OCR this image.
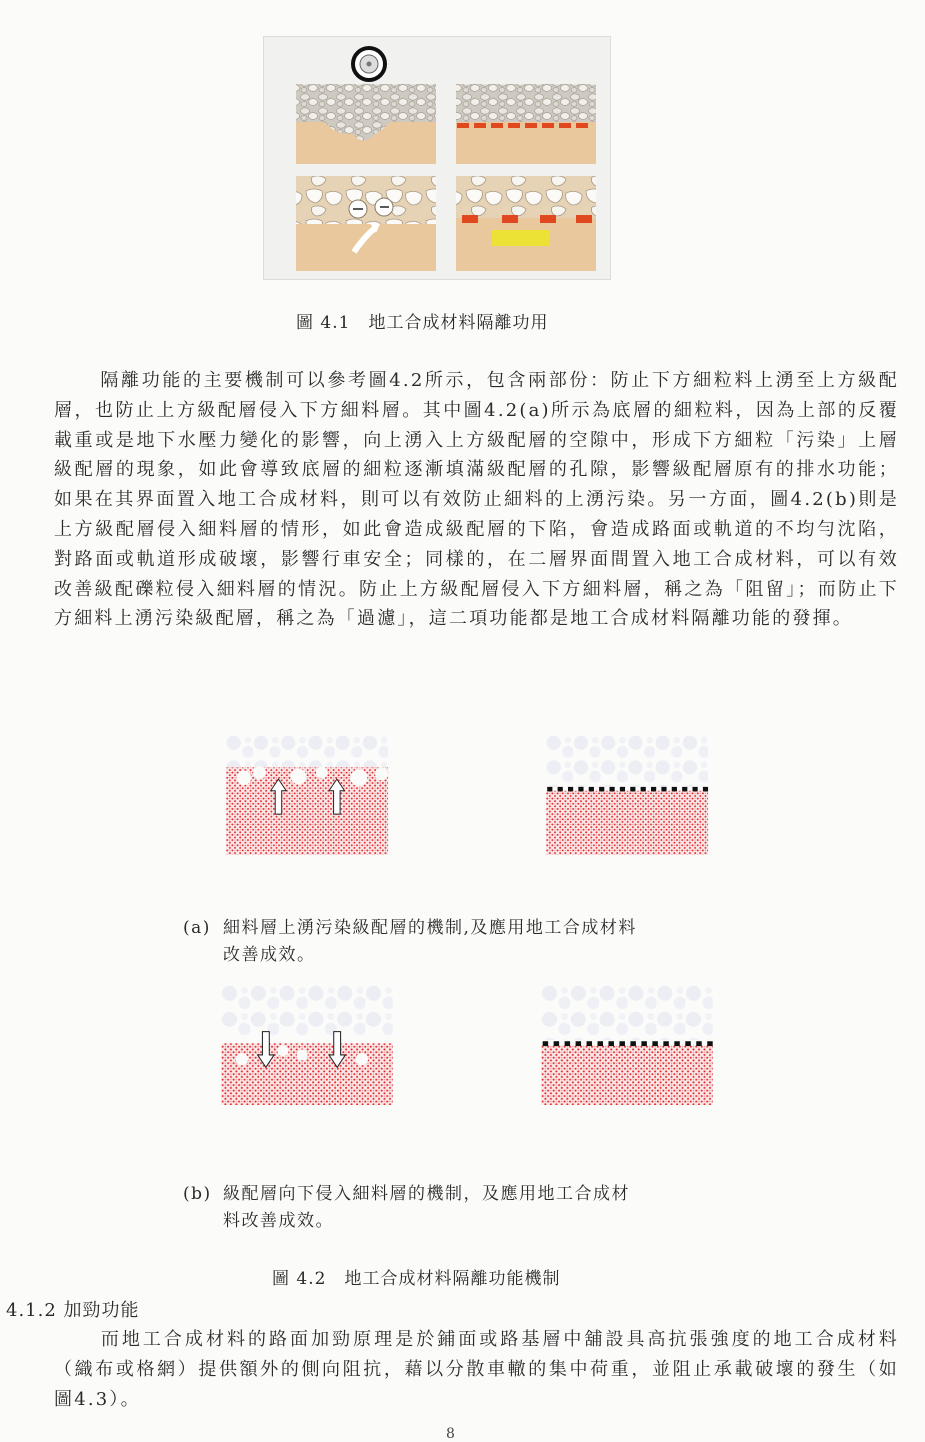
圖 4.1　地工合成材料隔離功用

隔離功能的主要機制可以參考圖4.2所示，包含兩部份：防止下方細粒料上湧至上方級配層，也防止上方級配層侵入下方細料層。其中圖4.2(a)所示為底層的細粒料，因為上部的反覆載重或是地下水壓力變化的影響，向上湧入上方級配層的空隙中，形成下方細粒「污染」上層級配層的現象，如此會導致底層的細粒逐漸填滿級配層的孔隙，影響級配層原有的排水功能；如果在其界面置入地工合成材料，則可以有效防止細料的上湧污染。另一方面，圖4.2(b)則是上方級配層侵入細料層的情形，如此會造成級配層的下陷，會造成路面或軌道的不均勻沈陷，對路面或軌道形成破壞，影響行車安全；同樣的，在二層界面間置入地工合成材料，可以有效改善級配礫粒侵入細料層的情況。防止上方級配層侵入下方細料層，稱之為「阻留」；而防止下方細料上湧污染級配層，稱之為「過濾」，這二項功能都是地工合成材料隔離功能的發揮。

(a) 細料層上湧污染級配層的機制,及應用地工合成材料
改善成效。
(b) 級配層向下侵入細料層的機制，及應用地工合成材
料改善成效。
圖 4.2　地工合成材料隔離功能機制
4.1.2 加勁功能

而地工合成材料的路面加勁原理是於鋪面或路基層中舖設具高抗張強度的地工合成材料（織布或格網）提供額外的側向阻抗，藉以分散車轍的集中荷重，並阻止承載破壞的發生（如圖4.3）。

8
